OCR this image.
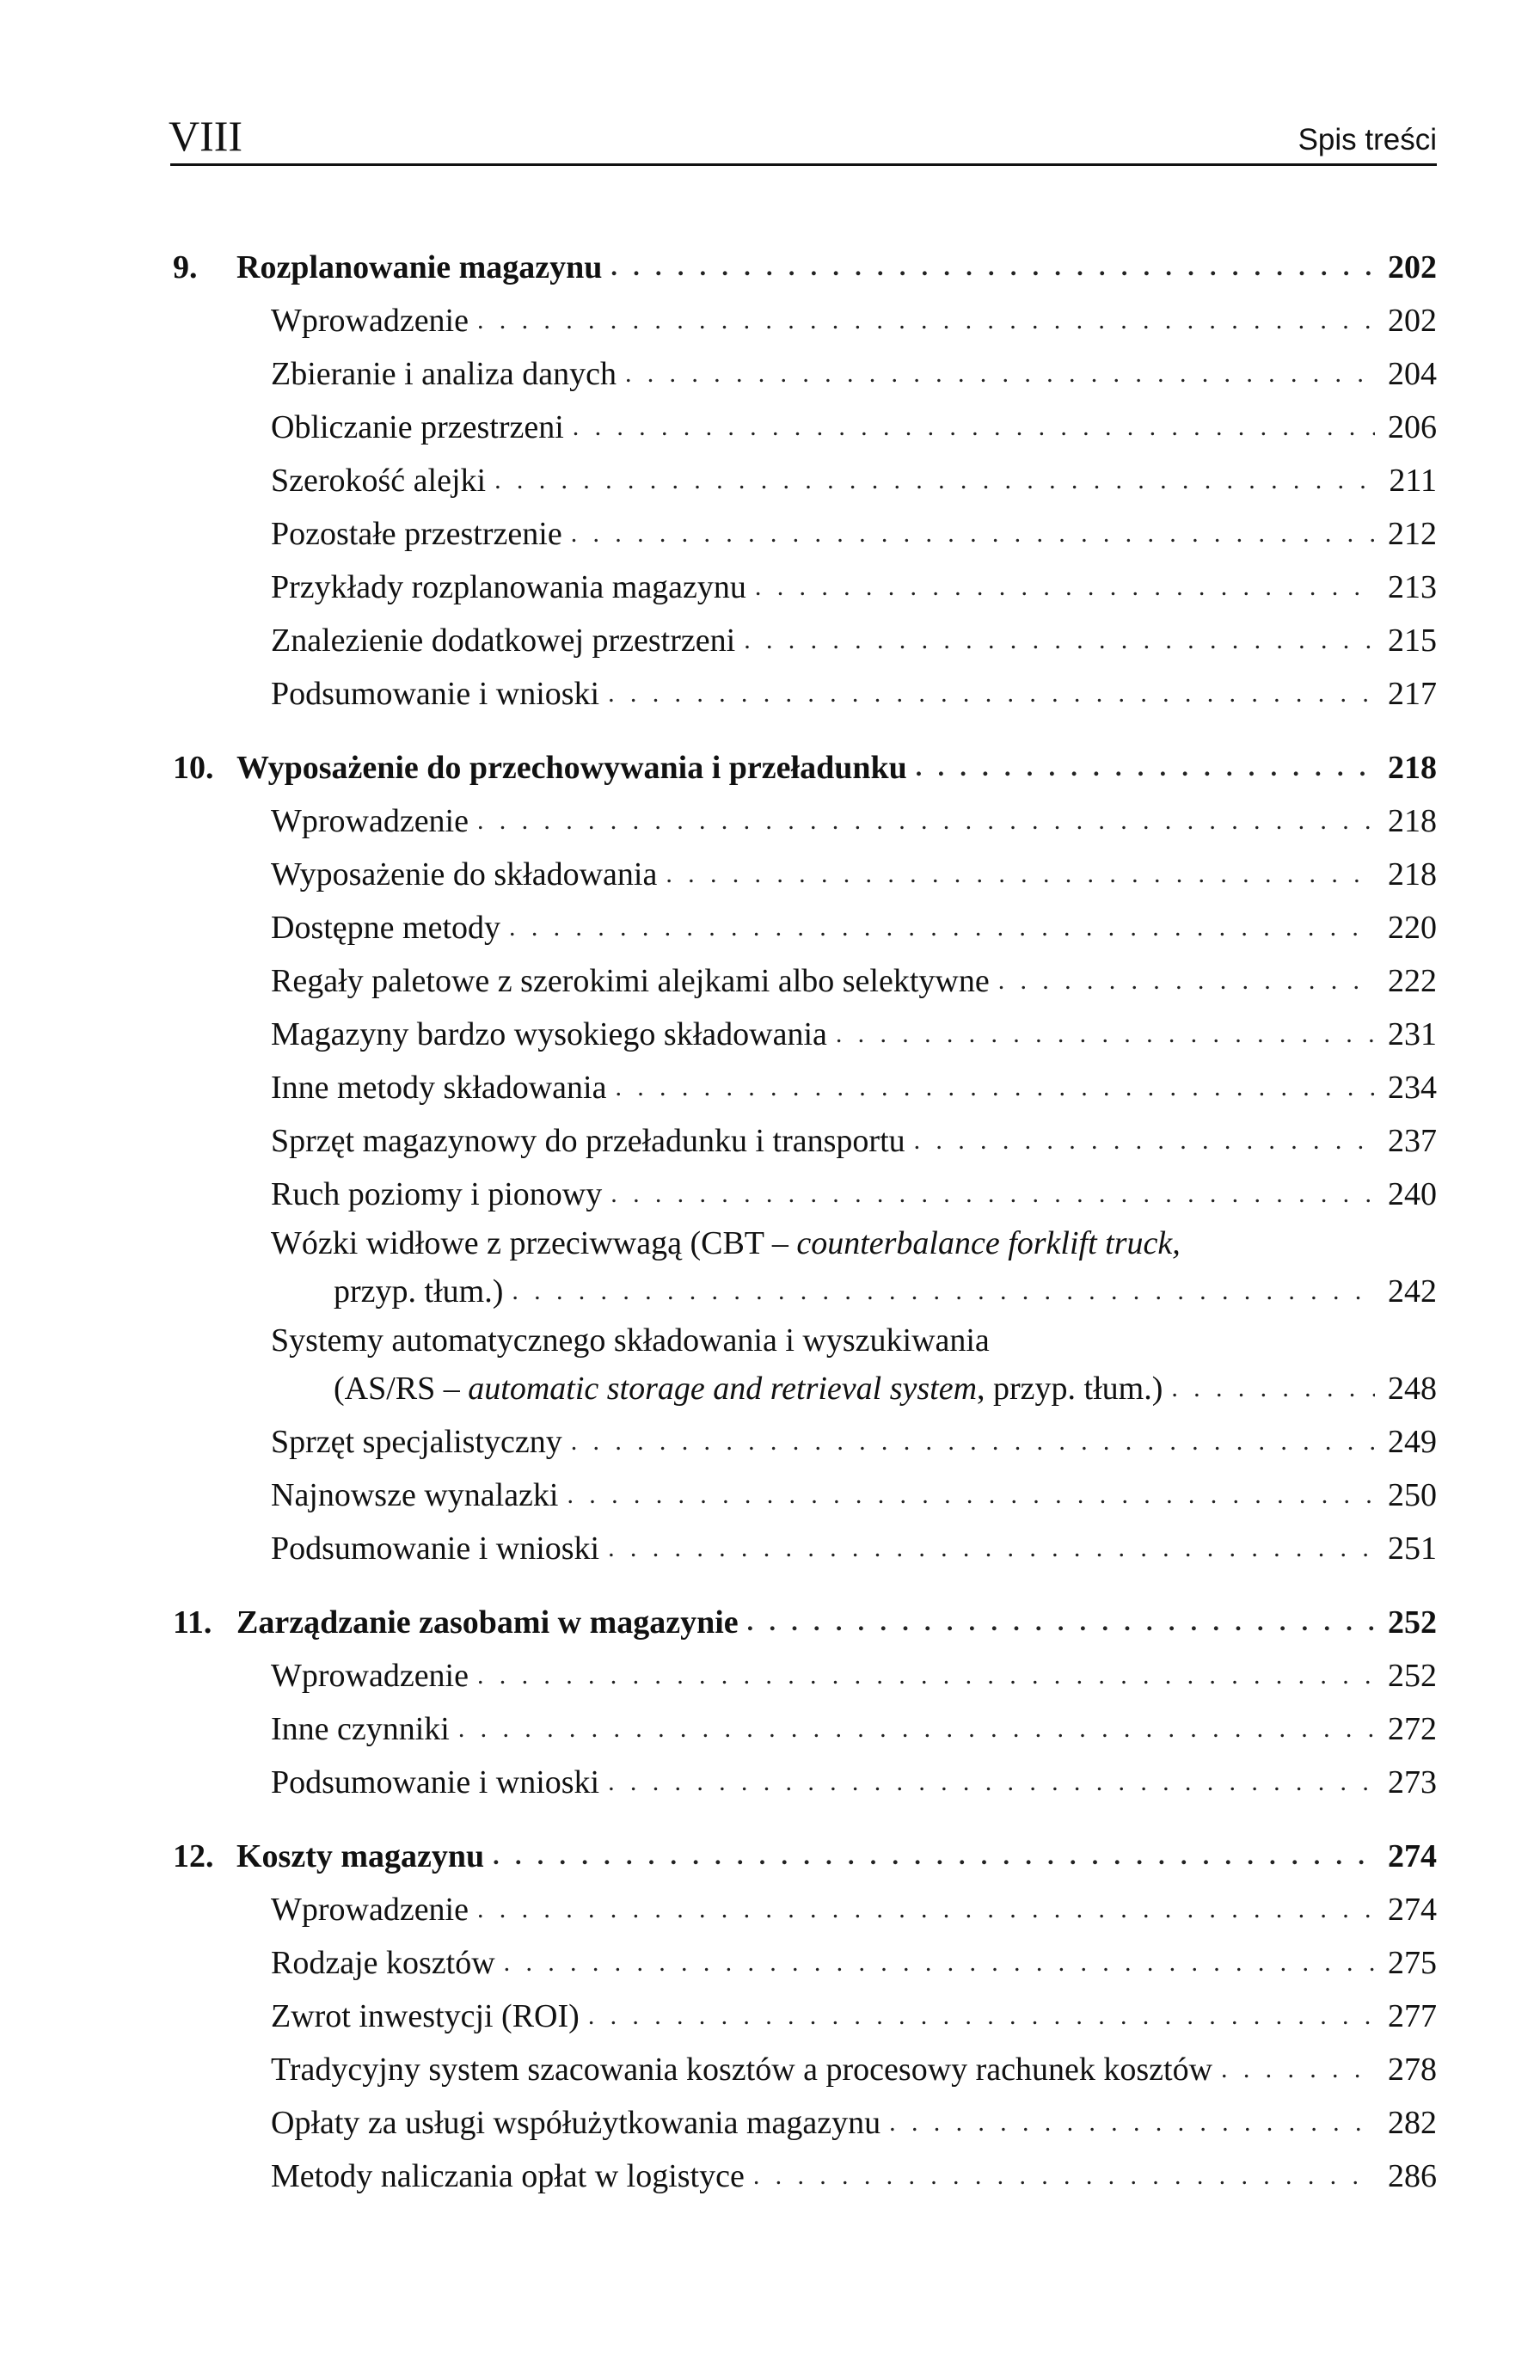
VIII	Spis treści
9.	Rozplanowanie magazynu . . .	202
Wprowadzenie . . .	202
Zbieranie i analiza danych . . .	204
Obliczanie przestrzeni . . .	206
Szerokość alejki . . .	211
Pozostałe przestrzenie . . .	212
Przykłady rozplanowania magazynu . . .	213
Znalezienie dodatkowej przestrzeni . . .	215
Podsumowanie i wnioski . . .	217
10. Wyposażenie do przechowywania i przeładunku . . .	218
Wprowadzenie . . .	218
Wyposażenie do składowania . . .	218
Dostępne metody . . .	220
Regały paletowe z szerokimi alejkami albo selektywne . . .	222
Magazyny bardzo wysokiego składowania . . .	231
Inne metody składowania . . .	234
Sprzęt magazynowy do przeładunku i transportu . . .	237
Ruch poziomy i pionowy . . .	240
Wózki widłowe z przeciwwagą (CBT – counterbalance forklift truck,
przyp. tłum.) . . .	242
Systemy automatycznego składowania i wyszukiwania
(AS/RS – automatic storage and retrieval system, przyp. tłum.) . . .	248
Sprzęt specjalistyczny . . .	249
Najnowsze wynalazki . . .	250
Podsumowanie i wnioski . . .	251
11. Zarządzanie zasobami w magazynie . . .	252
Wprowadzenie . . .	252
Inne czynniki . . .	272
Podsumowanie i wnioski . . .	273
12. Koszty magazynu . . .	274
Wprowadzenie . . .	274
Rodzaje kosztów . . .	275
Zwrot inwestycji (ROI) . . .	277
Tradycyjny system szacowania kosztów a procesowy rachunek kosztów . . .	278
Opłaty za usługi współużytkowania magazynu . . .	282
Metody naliczania opłat w logistyce . . .	286
